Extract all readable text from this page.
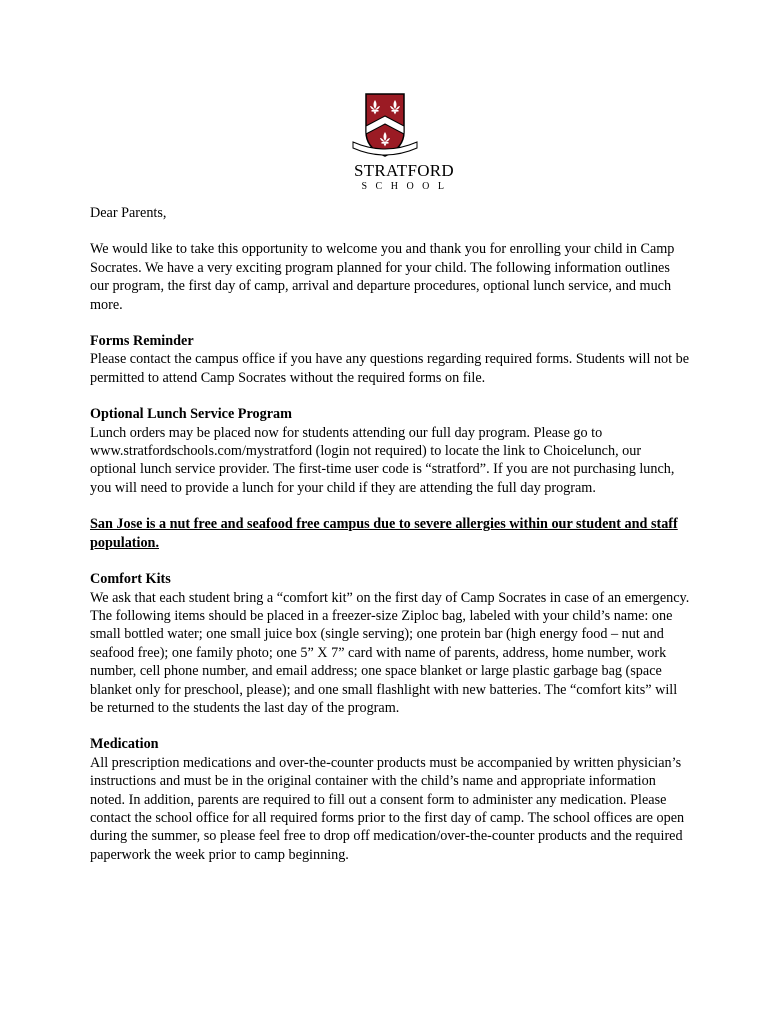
STRATFORD
SCHOOL

Dear Parents,

We would like to take this opportunity to welcome you and thank you for enrolling your child in Camp Socrates. We have a very exciting program planned for your child. The following information outlines our program, the first day of camp, arrival and departure procedures, optional lunch service, and much more.

Forms Reminder

Please contact the campus office if you have any questions regarding required forms. Students will not be permitted to attend Camp Socrates without the required forms on file.

Optional Lunch Service Program

Lunch orders may be placed now for students attending our full day program. Please go to www.stratfordschools.com/mystratford (login not required) to locate the link to Choicelunch, our optional lunch service provider. The first-time user code is “stratford”. If you are not purchasing lunch, you will need to provide a lunch for your child if they are attending the full day program.

San Jose is a nut free and seafood free campus due to severe allergies within our student and staff population.

Comfort Kits

We ask that each student bring a “comfort kit” on the first day of Camp Socrates in case of an emergency. The following items should be placed in a freezer-size Ziploc bag, labeled with your child’s name: one small bottled water; one small juice box (single serving); one protein bar (high energy food – nut and seafood free); one family photo; one 5” X 7” card with name of parents, address, home number, work number, cell phone number, and email address; one space blanket or large plastic garbage bag (space blanket only for preschool, please); and one small flashlight with new batteries. The “comfort kits” will be returned to the students the last day of the program.

Medication

All prescription medications and over-the-counter products must be accompanied by written physician’s instructions and must be in the original container with the child’s name and appropriate information noted. In addition, parents are required to fill out a consent form to administer any medication. Please contact the school office for all required forms prior to the first day of camp. The school offices are open during the summer, so please feel free to drop off medication/over-the-counter products and the required paperwork the week prior to camp beginning.
